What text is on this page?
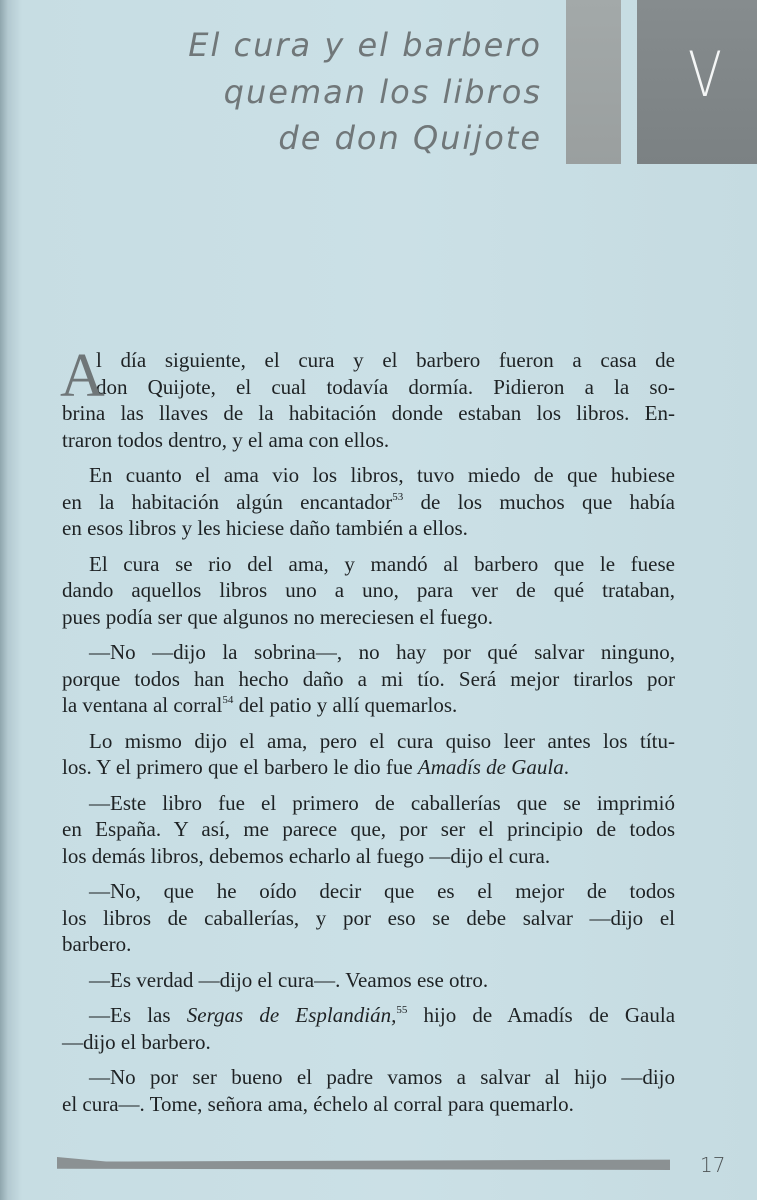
El cura y el barbero
queman los libros
de don Quijote
V
A
l día siguiente, el cura y el barbero fueron a casa de
don Quijote, el cual todavía dormía. Pidieron a la so-
brina las llaves de la habitación donde estaban los libros. En-
traron todos dentro, y el ama con ellos.
En cuanto el ama vio los libros, tuvo miedo de que hubiese
en la habitación algún encantador$^{53}$ de los muchos que había
en esos libros y les hiciese daño también a ellos.
El cura se rio del ama, y mandó al barbero que le fuese
dando aquellos libros uno a uno, para ver de qué trataban,
pues podía ser que algunos no mereciesen el fuego.
—No —dijo la sobrina—, no hay por qué salvar ninguno,
porque todos han hecho daño a mi tío. Será mejor tirarlos por
la ventana al corral$^{54}$ del patio y allí quemarlos.
Lo mismo dijo el ama, pero el cura quiso leer antes los títu-
los. Y el primero que el barbero le dio fue Amadís de Gaula.
—Este libro fue el primero de caballerías que se imprimió
en España. Y así, me parece que, por ser el principio de todos
los demás libros, debemos echarlo al fuego —dijo el cura.
—No, que he oído decir que es el mejor de todos
los libros de caballerías, y por eso se debe salvar —dijo el
barbero.
—Es verdad —dijo el cura—. Veamos ese otro.
—Es las Sergas de Esplandián,$^{55}$ hijo de Amadís de Gaula
—dijo el barbero.
—No por ser bueno el padre vamos a salvar al hijo —dijo
el cura—. Tome, señora ama, échelo al corral para quemarlo.
17
